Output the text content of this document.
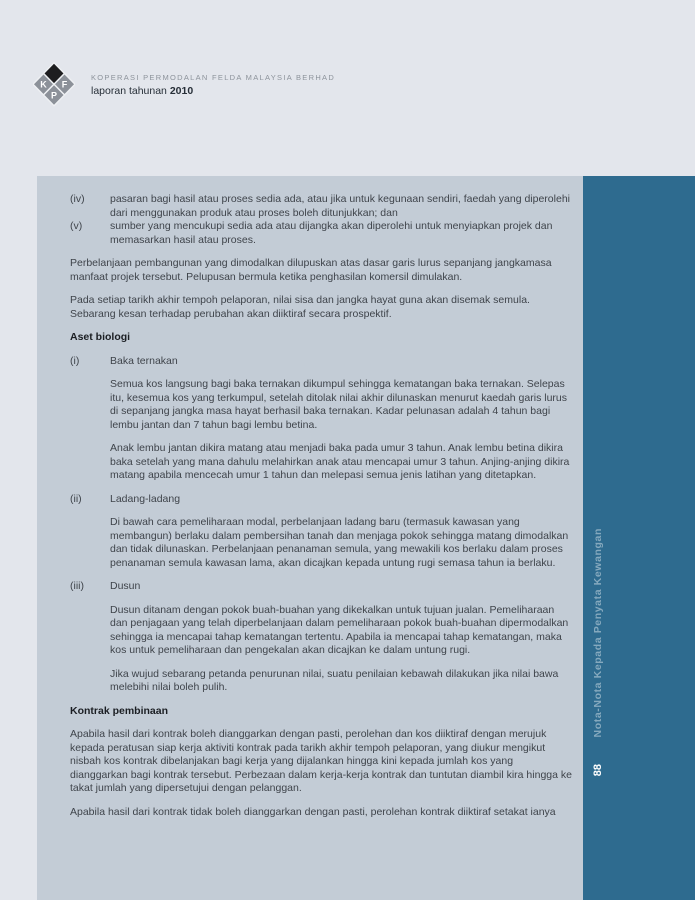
K F
P
KOPERASI PERMODALAN FELDA MALAYSIA BERHAD
laporan tahunan 2010
(iv)	pasaran bagi hasil atau proses sedia ada, atau jika untuk kegunaan sendiri, faedah yang diperolehi dari menggunakan produk atau proses boleh ditunjukkan; dan

(v)	sumber yang mencukupi sedia ada atau dijangka akan diperolehi untuk menyiapkan projek dan memasarkan hasil atau proses.

Perbelanjaan pembangunan yang dimodalkan dilupuskan atas dasar garis lurus sepanjang jangkamasa manfaat projek tersebut. Pelupusan bermula ketika penghasilan komersil dimulakan.

Pada setiap tarikh akhir tempoh pelaporan, nilai sisa dan jangka hayat guna akan disemak semula. Sebarang kesan terhadap perubahan akan diiktiraf secara prospektif.

Aset biologi
(i)	Baka ternakan

Semua kos langsung bagi baka ternakan dikumpul sehingga kematangan baka ternakan. Selepas itu, kesemua kos yang terkumpul, setelah ditolak nilai akhir dilunaskan menurut kaedah garis lurus di sepanjang jangka masa hayat berhasil baka ternakan. Kadar pelunasan adalah 4 tahun bagi lembu jantan dan 7 tahun bagi lembu betina.

Anak lembu jantan dikira matang atau menjadi baka pada umur 3 tahun. Anak lembu betina dikira baka setelah yang mana dahulu melahirkan anak atau mencapai umur 3 tahun. Anjing-anjing dikira matang apabila mencecah umur 1 tahun dan melepasi semua jenis latihan yang ditetapkan.

(ii)	Ladang-ladang

Di bawah cara pemeliharaan modal, perbelanjaan ladang baru (termasuk kawasan yang membangun) berlaku dalam pembersihan tanah dan menjaga pokok sehingga matang dimodalkan dan tidak dilunaskan. Perbelanjaan penanaman semula, yang mewakili kos berlaku dalam proses penanaman semula kawasan lama, akan dicajkan kepada untung rugi semasa tahun ia berlaku.

(iii)	Dusun

Dusun ditanam dengan pokok buah-buahan yang dikekalkan untuk tujuan jualan. Pemeliharaan dan penjagaan yang telah diperbelanjaan dalam pemeliharaan pokok buah-buahan dipermodalkan sehingga ia mencapai tahap kematangan tertentu. Apabila ia mencapai tahap kematangan, maka kos untuk pemeliharaan dan pengekalan akan dicajkan ke dalam untung rugi.

Jika wujud sebarang petanda penurunan nilai, suatu penilaian kebawah dilakukan jika nilai bawa melebihi nilai boleh pulih.

Kontrak pembinaan

Apabila hasil dari kontrak boleh dianggarkan dengan pasti, perolehan dan kos diiktiraf dengan merujuk kepada peratusan siap kerja aktiviti kontrak pada tarikh akhir tempoh pelaporan, yang diukur mengikut nisbah kos kontrak dibelanjakan bagi kerja yang dijalankan hingga kini kepada jumlah kos yang dianggarkan bagi kontrak tersebut. Perbezaan dalam kerja-kerja kontrak dan tuntutan diambil kira hingga ke takat jumlah yang dipersetujui dengan pelanggan.

Apabila hasil dari kontrak tidak boleh dianggarkan dengan pasti, perolehan kontrak diiktiraf setakat ianya

Nota-Nota Kepada Penyata Kewangan
88
